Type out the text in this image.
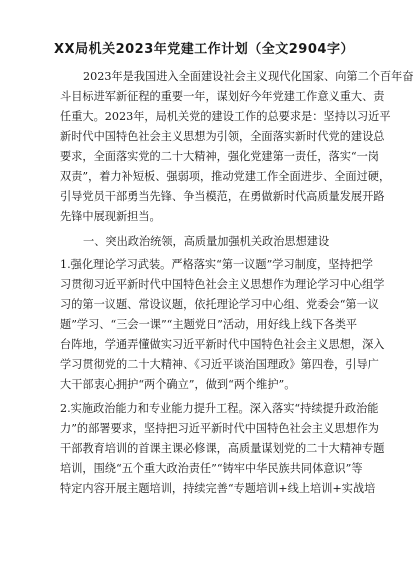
XX局机关2023年党建工作计划（全文2904字）
2023年是我国进入全面建设社会主义现代化国家、向第二个百年奋
斗目标进军新征程的重要一年，谋划好今年党建工作意义重大、责
任重大。2023年，局机关党的建设工作的总要求是：坚持以习近平
新时代中国特色社会主义思想为引领，全面落实新时代党的建设总
要求，全面落实党的二十大精神，强化党建第一责任，落实“一岗
双责”，着力补短板、强弱项，推动党建工作全面进步、全面过硬，
引导党员干部勇当先锋、争当模范，在勇做新时代高质量发展开路
先锋中展现新担当。
一、突出政治统领，高质量加强机关政治思想建设
1.强化理论学习武装。严格落实“第一议题”学习制度，坚持把学
习贯彻习近平新时代中国特色社会主义思想作为理论学习中心组学
习的第一议题、常设议题，依托理论学习中心组、党委会“第一议
题”学习、“三会一课”“主题党日”活动，用好线上线下各类平
台阵地，学通弄懂做实习近平新时代中国特色社会主义思想，深入
学习贯彻党的二十大精神、《习近平谈治国理政》第四卷，引导广
大干部衷心拥护“两个确立”，做到“两个维护”。
2.实施政治能力和专业能力提升工程。深入落实“持续提升政治能
力”的部署要求，坚持把习近平新时代中国特色社会主义思想作为
干部教育培训的首课主课必修课，高质量谋划党的二十大精神专题
培训，围绕“五个重大政治责任”“铸牢中华民族共同体意识”等
特定内容开展主题培训，持续完善“专题培训+线上培训+实战培
